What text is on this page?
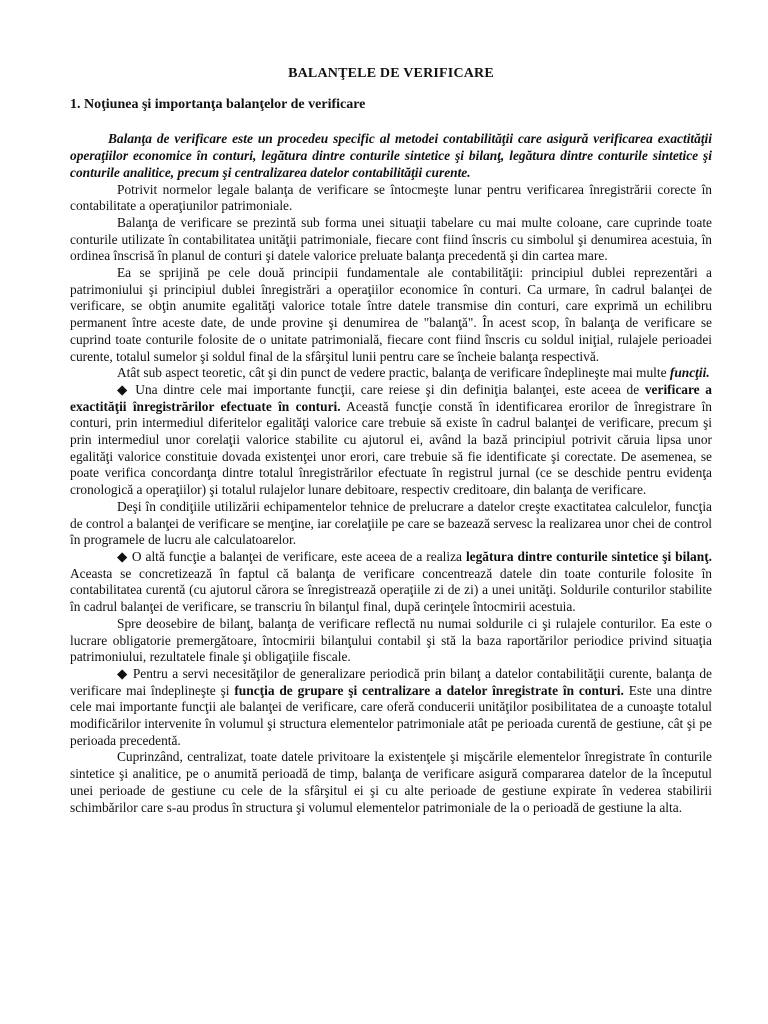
BALANŢELE DE VERIFICARE
1. Noţiunea şi importanţa balanţelor de verificare

Balanţa de verificare este un procedeu specific al metodei contabilităţii care asigură verificarea exactităţii operaţiilor economice în conturi, legătura dintre conturile sintetice şi bilanţ, legătura dintre conturile sintetice şi conturile analitice, precum şi centralizarea datelor contabilităţii curente.

Potrivit normelor legale balanţa de verificare se întocmeşte lunar pentru verificarea înregistrării corecte în contabilitate a operaţiunilor patrimoniale.

Balanţa de verificare se prezintă sub forma unei situaţii tabelare cu mai multe coloane, care cuprinde toate conturile utilizate în contabilitatea unităţii patrimoniale, fiecare cont fiind înscris cu simbolul şi denumirea acestuia, în ordinea înscrisă în planul de conturi şi datele valorice preluate balanţa precedentă şi din cartea mare.

Ea se sprijină pe cele două principii fundamentale ale contabilităţii: principiul dublei reprezentări a patrimoniului şi principiul dublei înregistrări a operaţiilor economice în conturi. Ca urmare, în cadrul balanţei de verificare, se obţin anumite egalităţi valorice totale între datele transmise din conturi, care exprimă un echilibru permanent între aceste date, de unde provine şi denumirea de "balanţă". În acest scop, în balanţa de verificare se cuprind toate conturile folosite de o unitate patrimonială, fiecare cont fiind înscris cu soldul iniţial, rulajele perioadei curente, totalul sumelor şi soldul final de la sfârşitul lunii pentru care se încheie balanţa respectivă.

Atât sub aspect teoretic, cât şi din punct de vedere practic, balanţa de verificare îndeplineşte mai multe funcţii.

◆ Una dintre cele mai importante funcţii, care reiese şi din definiţia balanţei, este aceea de verificare a exactităţii înregistrărilor efectuate în conturi. Această funcţie constă în identificarea erorilor de înregistrare în conturi, prin intermediul diferitelor egalităţi valorice care trebuie să existe în cadrul balanţei de verificare, precum şi prin intermediul unor corelaţii valorice stabilite cu ajutorul ei, având la bază principiul potrivit căruia lipsa unor egalităţi valorice constituie dovada existenţei unor erori, care trebuie să fie identificate şi corectate. De asemenea, se poate verifica concordanţa dintre totalul înregistrărilor efectuate în registrul jurnal (ce se deschide pentru evidenţa cronologică a operaţiilor) şi totalul rulajelor lunare debitoare, respectiv creditoare, din balanţa de verificare.

Deşi în condiţiile utilizării echipamentelor tehnice de prelucrare a datelor creşte exactitatea calculelor, funcţia de control a balanţei de verificare se menţine, iar corelaţiile pe care se bazează servesc la realizarea unor chei de control în programele de lucru ale calculatoarelor.

◆ O altă funcţie a balanţei de verificare, este aceea de a realiza legătura dintre conturile sintetice şi bilanţ. Aceasta se concretizează în faptul că balanţa de verificare concentrează datele din toate conturile folosite în contabilitatea curentă (cu ajutorul cărora se înregistrează operaţiile zi de zi) a unei unităţi. Soldurile conturilor stabilite în cadrul balanţei de verificare, se transcriu în bilanţul final, după cerinţele întocmirii acestuia.

Spre deosebire de bilanţ, balanţa de verificare reflectă nu numai soldurile ci şi rulajele conturilor. Ea este o lucrare obligatorie premergătoare, întocmirii bilanţului contabil şi stă la baza raportărilor periodice privind situaţia patrimoniului, rezultatele finale şi obligaţiile fiscale.

◆ Pentru a servi necesităţilor de generalizare periodică prin bilanţ a datelor contabilităţii curente, balanţa de verificare mai îndeplineşte şi funcţia de grupare şi centralizare a datelor înregistrate în conturi. Este una dintre cele mai importante funcţii ale balanţei de verificare, care oferă conducerii unităţilor posibilitatea de a cunoaşte totalul modificărilor intervenite în volumul şi structura elementelor patrimoniale atât pe perioada curentă de gestiune, cât şi pe perioada precedentă.

Cuprinzând, centralizat, toate datele privitoare la existenţele şi mişcările elementelor înregistrate în conturile sintetice şi analitice, pe o anumită perioadă de timp, balanţa de verificare asigură compararea datelor de la începutul unei perioade de gestiune cu cele de la sfârşitul ei şi cu alte perioade de gestiune expirate în vederea stabilirii schimbărilor care s-au produs în structura şi volumul elementelor patrimoniale de la o perioadă de gestiune la alta.
